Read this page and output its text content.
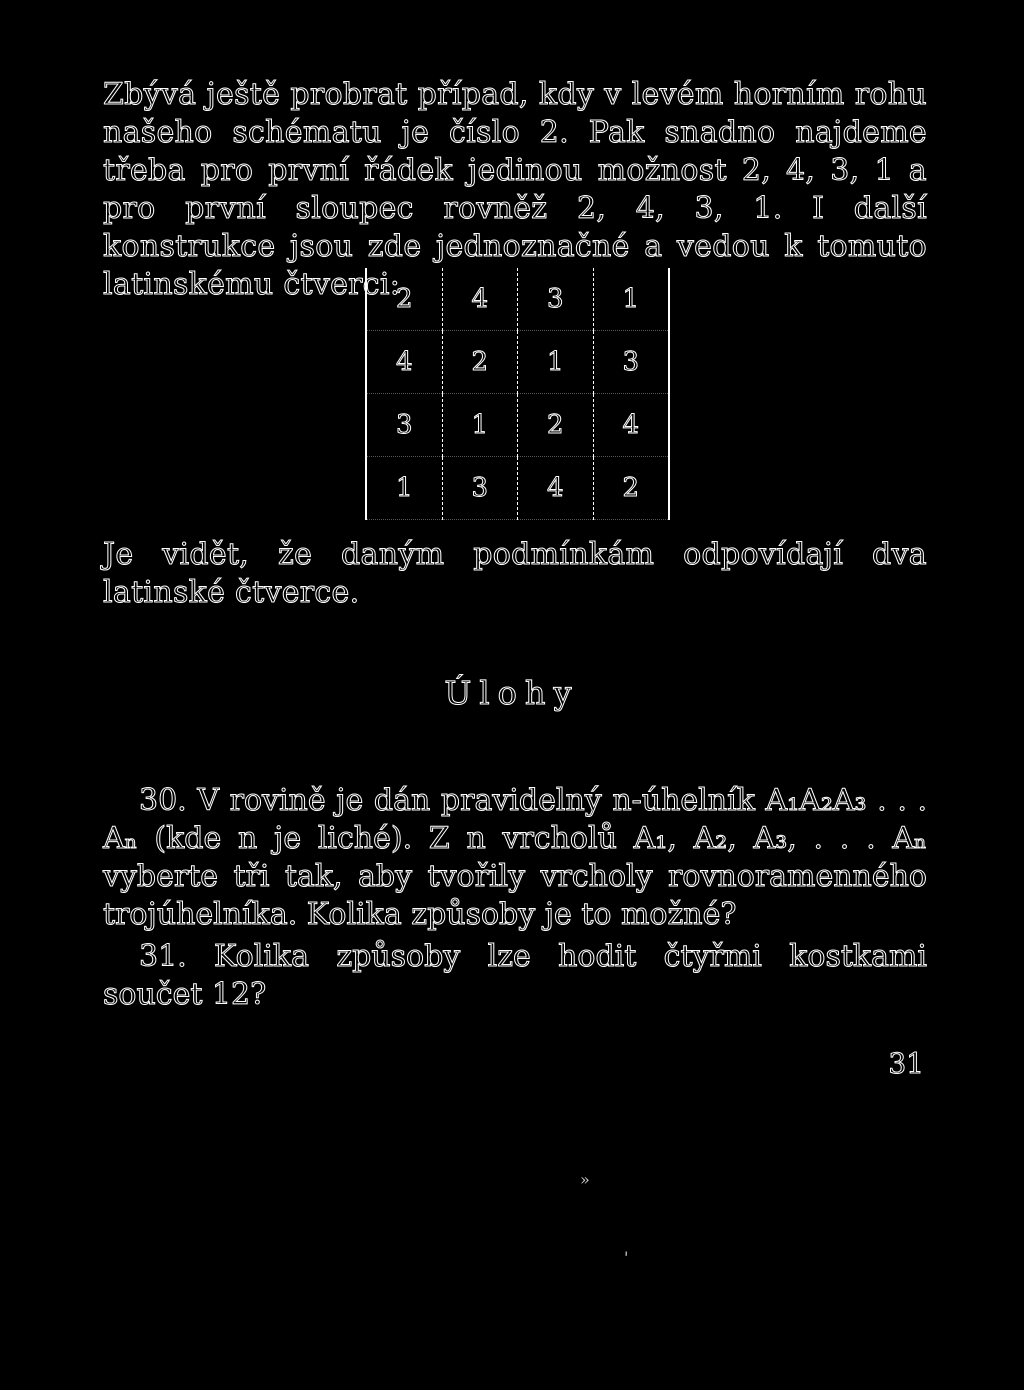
Zbývá ještě probrat případ, kdy v levém horním rohu našeho schématu je číslo 2. Pak snadno najdeme třeba pro první řádek jedinou možnost 2, 4, 3, 1 a pro první sloupec rovněž 2, 4, 3, 1. I další konstrukce jsou zde jednoznačné a vedou k tomuto latinskému čtverci:
2	4	3	1
4	2	1	3
3	1	2	4
1	3	4	2
Je vidět, že daným podmínkám odpovídají dva latinské čtverce.
Úlohy
30. V rovině je dán pravidelný n-úhelník A₁A₂A₃ . . . Aₙ (kde n je liché). Z n vrcholů A₁, A₂, A₃, . . . Aₙ vyberte tři tak, aby tvořily vrcholy rovnoramenného trojúhelníka. Kolika způsoby je to možné?
31. Kolika způsoby lze hodit čtyřmi kostkami součet 12?
»
'
31
